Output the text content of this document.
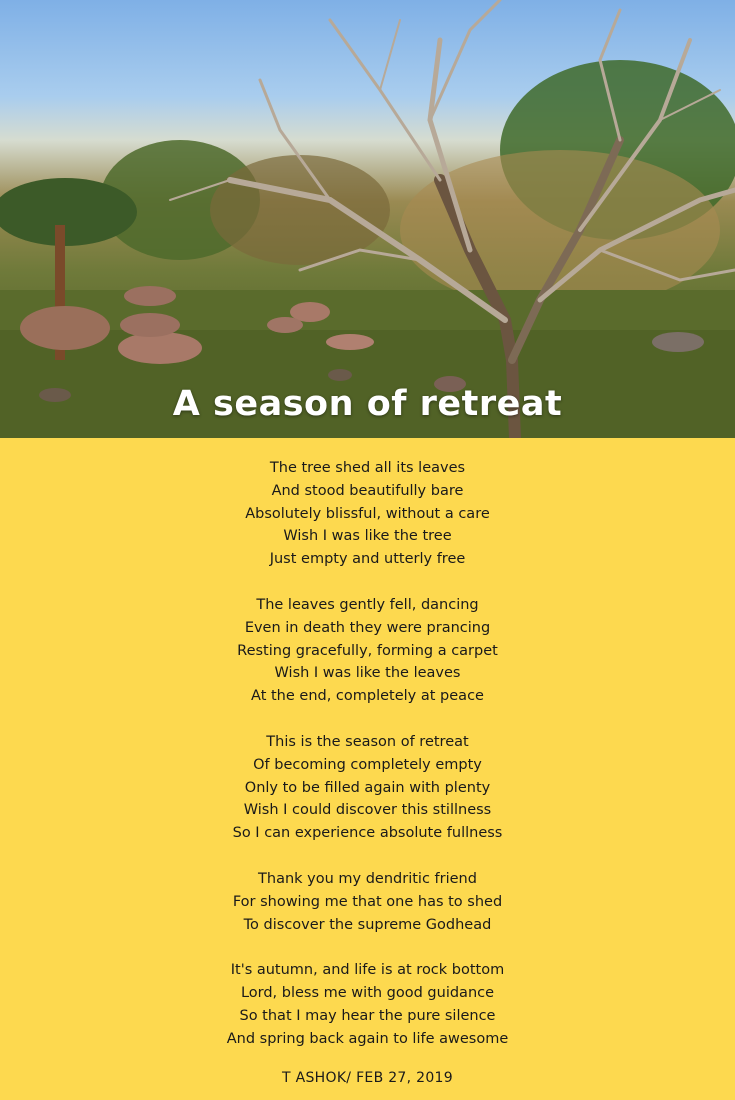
A season of retreat
The tree shed all its leaves
And stood beautifully bare
Absolutely blissful, without a care
Wish I was like the tree
Just empty and utterly free
The leaves gently fell, dancing
Even in death they were prancing
Resting gracefully, forming a carpet
Wish I was like the leaves
At the end, completely at peace
This is the season of retreat
Of becoming completely empty
Only to be filled again with plenty
Wish I could discover this stillness
So I can experience absolute fullness
Thank you my dendritic friend
For showing me that one has to shed
To discover the supreme Godhead
It's autumn, and life is at rock bottom
Lord, bless me with good guidance
So that I may hear the pure silence
And spring back again to life awesome
T ASHOK/ FEB 27, 2019
